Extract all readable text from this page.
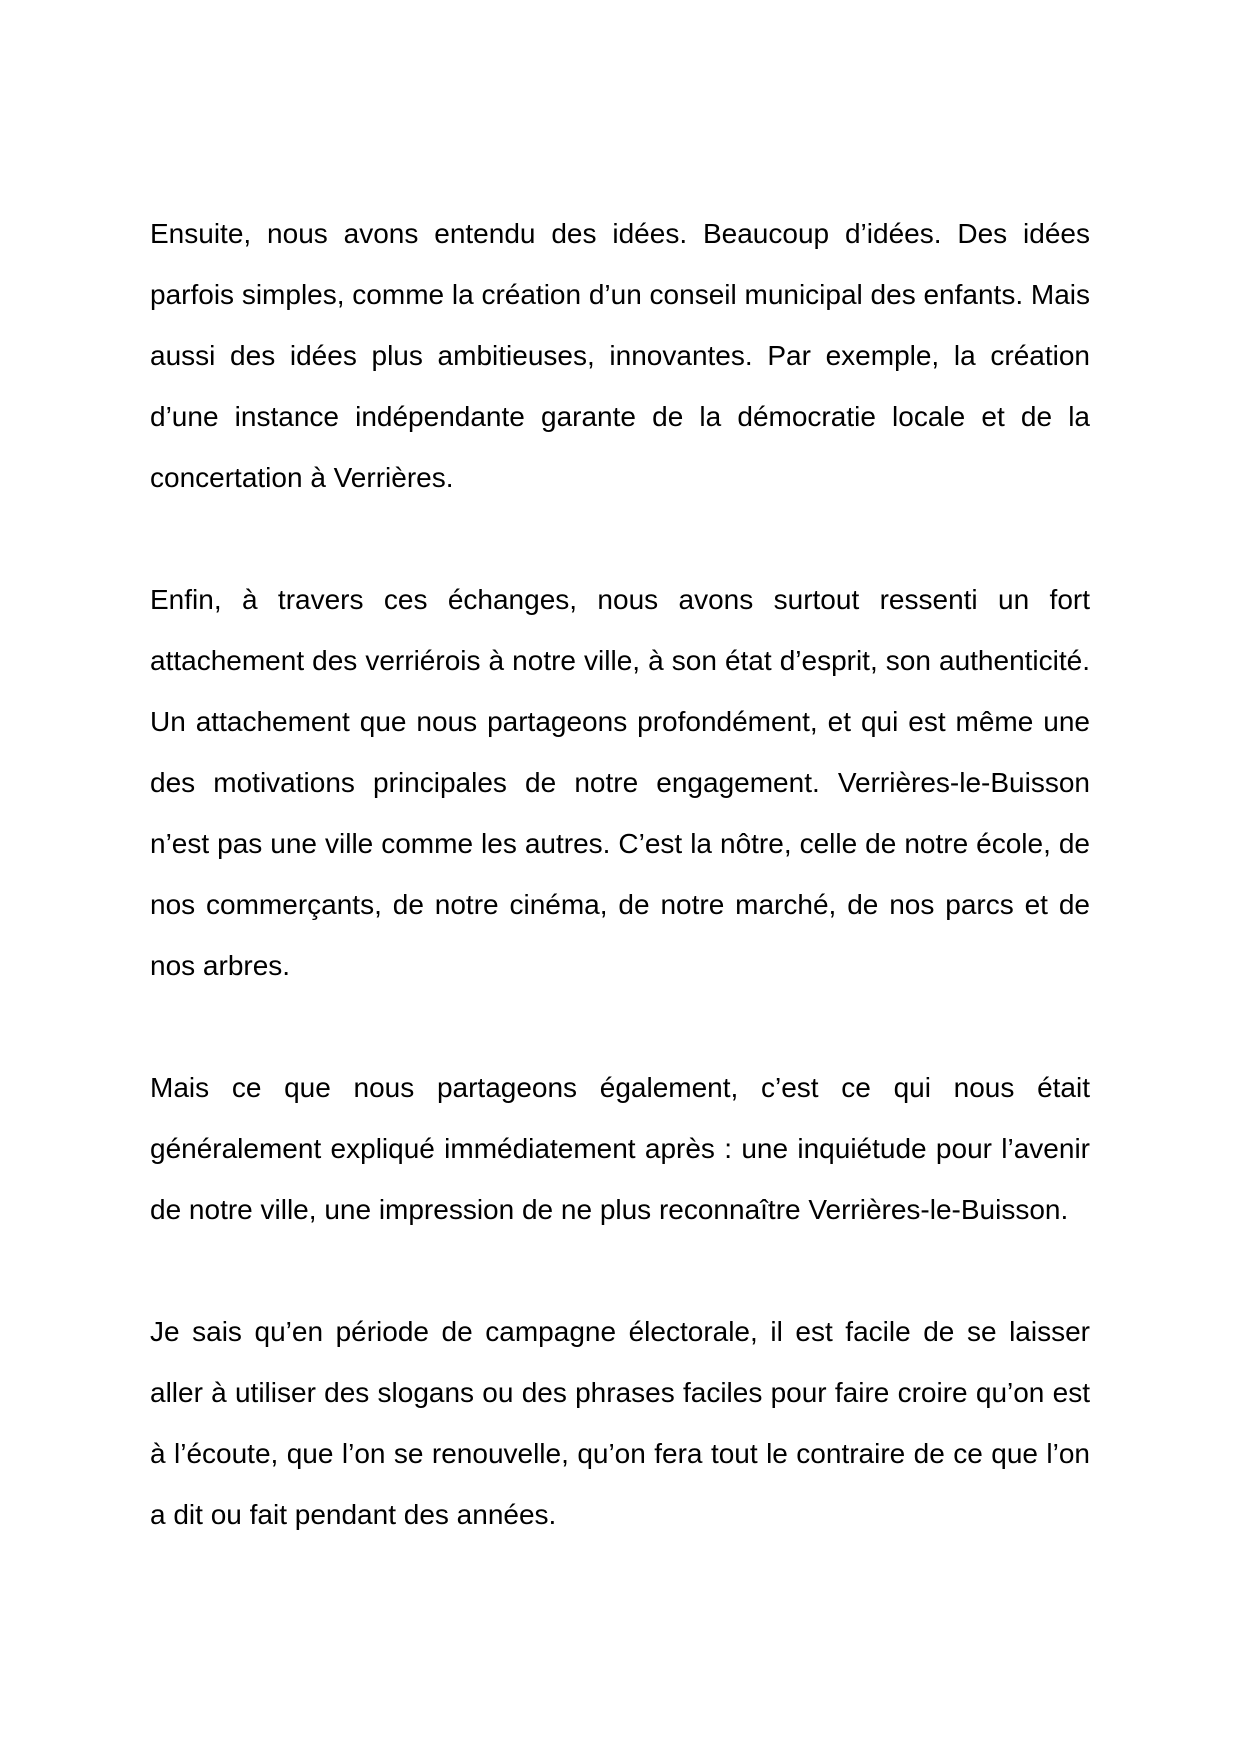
Ensuite, nous avons entendu des idées. Beaucoup d’idées. Des idées parfois simples, comme la création d’un conseil municipal des enfants. Mais aussi des idées plus ambitieuses, innovantes. Par exemple, la création d’une instance indépendante garante de la démocratie locale et de la concertation à Verrières.

Enfin, à travers ces échanges, nous avons surtout ressenti un fort attachement des verriérois à notre ville, à son état d’esprit, son authenticité. Un attachement que nous partageons profondément, et qui est même une des motivations principales de notre engagement. Verrières-le-Buisson n’est pas une ville comme les autres. C’est la nôtre, celle de notre école, de nos commerçants, de notre cinéma, de notre marché, de nos parcs et de nos arbres.

Mais ce que nous partageons également, c’est ce qui nous était généralement expliqué immédiatement après : une inquiétude pour l’avenir de notre ville, une impression de ne plus reconnaître Verrières-le-Buisson.

Je sais qu’en période de campagne électorale, il est facile de se laisser aller à utiliser des slogans ou des phrases faciles pour faire croire qu’on est à l’écoute, que l’on se renouvelle, qu’on fera tout le contraire de ce que l’on a dit ou fait pendant des années.
